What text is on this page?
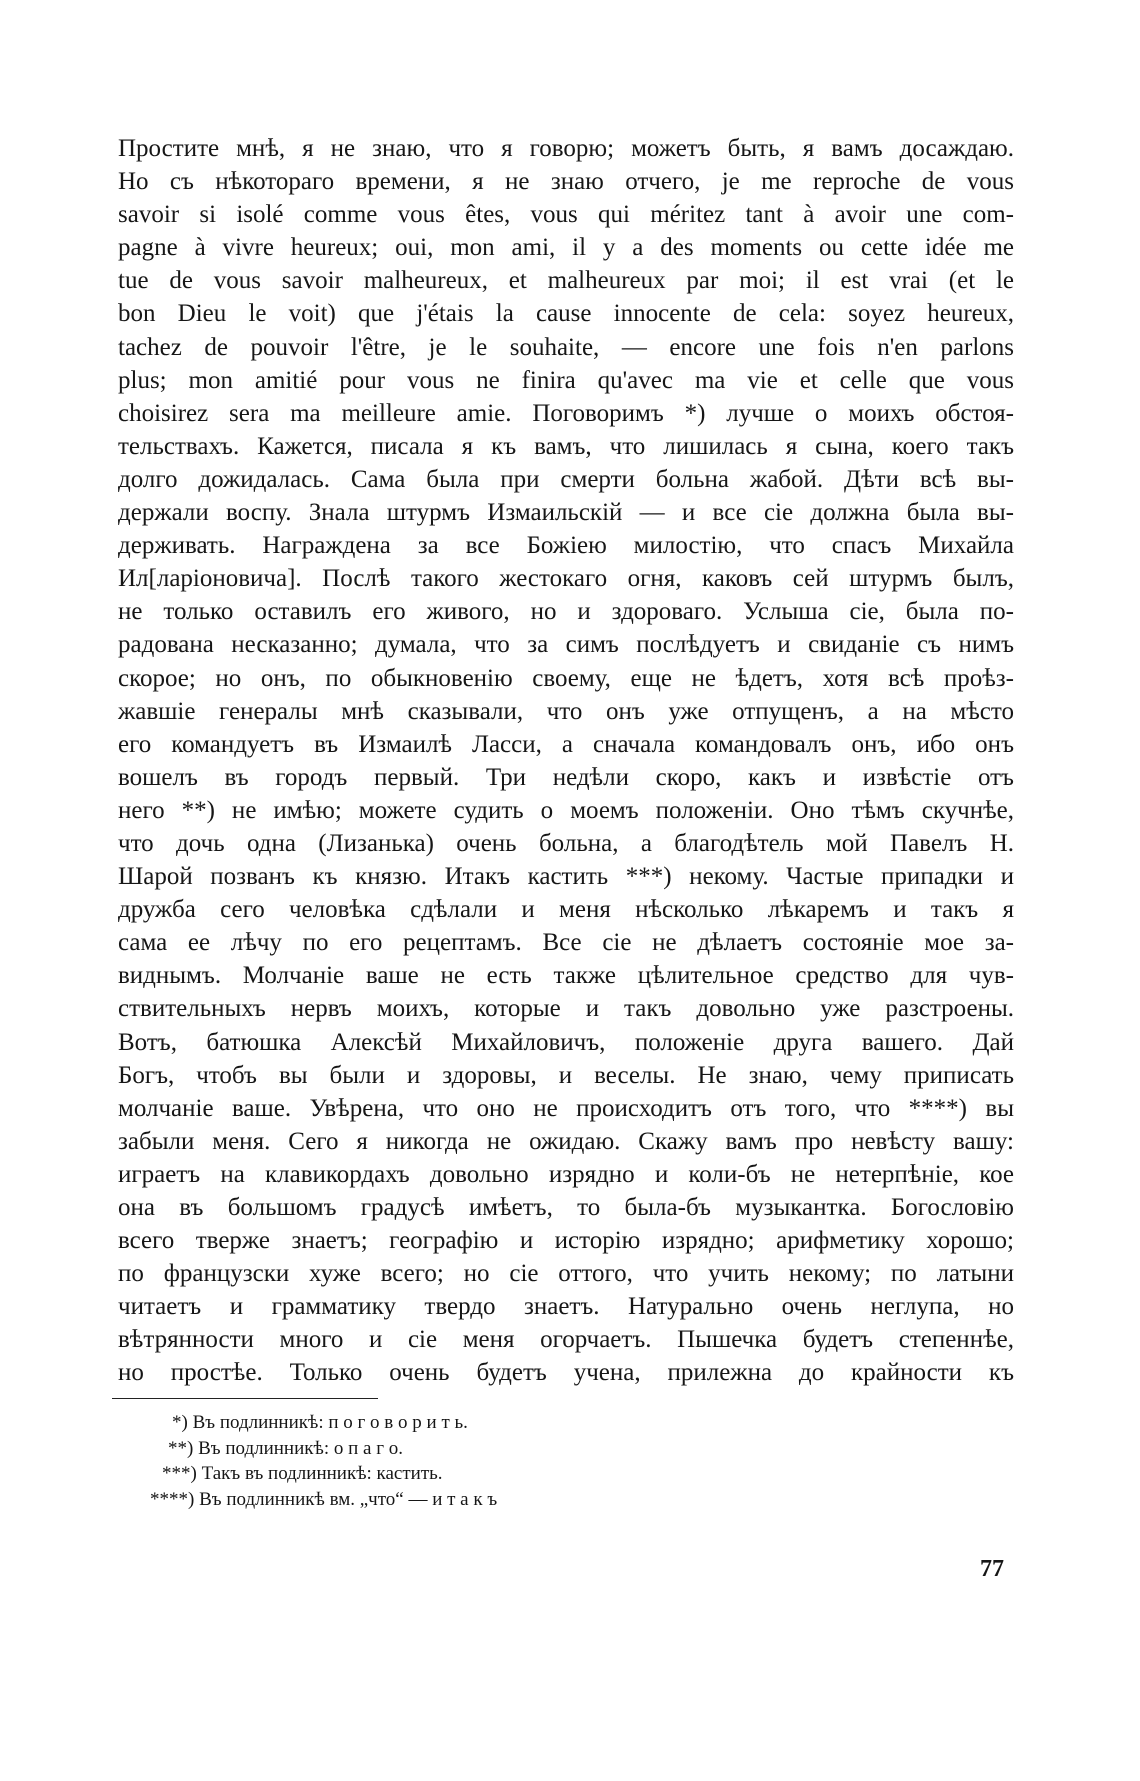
Простите мнѣ, я не знаю, что я говорю; можетъ быть, я вамъ досаждаю.
Но съ нѣкотораго времени, я не знаю отчего, je me reproche de vous
savoir si isolé comme vous êtes, vous qui méritez tant à avoir une com-
pagne à vivre heureux; oui, mon ami, il y a des moments ou cette idée me
tue de vous savoir malheureux, et malheureux par moi; il est vrai (et le
bon Dieu le voit) que j'étais la cause innocente de cela: soyez heureux,
tachez de pouvoir l'être, je le souhaite, — encore une fois n'en parlons
plus; mon amitié pour vous ne finira qu'avec ma vie et celle que vous
choisirez sera ma meilleure amie. Поговоримъ *) лучше о моихъ обстоя-
тельствахъ. Кажется, писала я къ вамъ, что лишилась я сына, коего такъ
долго дожидалась. Сама была при смерти больна жабой. Дѣти всѣ вы-
держали воспу. Знала штурмъ Измаильскiй — и все сiе должна была вы-
держивать. Награждена за все Божiею милостiю, что спасъ Михайла
Ил[ларiоновича]. Послѣ такого жестокаго огня, каковъ сей штурмъ былъ,
не только оставилъ его живого, но и здороваго. Услыша сiе, была по-
радована несказанно; думала, что за симъ послѣдуетъ и свиданiе съ нимъ
скорое; но онъ, по обыкновенiю своему, еще не ѣдетъ, хотя всѣ проѣз-
жавшiе генералы мнѣ сказывали, что онъ уже отпущенъ, а на мѣсто
его командуетъ въ Измаилѣ Ласси, а сначала командовалъ онъ, ибо онъ
вошелъ въ городъ первый. Три недѣли скоро, какъ и извѣстiе отъ
него **) не имѣю; можете судить о моемъ положенiи. Оно тѣмъ скучнѣе,
что дочь одна (Лизанька) очень больна, а благодѣтель мой Павелъ Н.
Шарой позванъ къ князю. Итакъ кастить ***) некому. Частые припадки и
дружба сего человѣка сдѣлали и меня нѣсколько лѣкаремъ и такъ я
сама ее лѣчу по его рецептамъ. Все сiе не дѣлаетъ состоянiе мое за-
виднымъ. Молчанiе ваше не есть также цѣлительное средство для чув-
ствительныхъ нервъ моихъ, которые и такъ довольно уже разстроены.
Вотъ, батюшка Алексѣй Михайловичъ, положенiе друга вашего. Дай
Богъ, чтобъ вы были и здоровы, и веселы. Не знаю, чему приписать
молчанiе ваше. Увѣрена, что оно не происходитъ отъ того, что ****) вы
забыли меня. Сего я никогда не ожидаю. Скажу вамъ про невѣсту вашу:
играетъ на клавикордахъ довольно изрядно и коли-бъ не нетерпѣнiе, кое
она въ большомъ градусѣ имѣетъ, то была-бъ музыкантка. Богословiю
всего тверже знаетъ; географiю и исторiю изрядно; арифметику хорошо;
по французски хуже всего; но сiе оттого, что учить некому; по латыни
читаетъ и грамматику твердо знаетъ. Натурально очень неглупа, но
вѣтрянности много и сiе меня огорчаетъ. Пышечка будетъ степеннѣе,
но простѣе. Только очень будетъ учена, прилежна до крайности къ
*) Въ подлинникѣ: п о г о в о р и т ь.
**) Въ подлинникѣ: о п а г о.
***) Такъ въ подлинникѣ: кастить.
****) Въ подлинникѣ вм. „что“ — и т а к ъ
77
